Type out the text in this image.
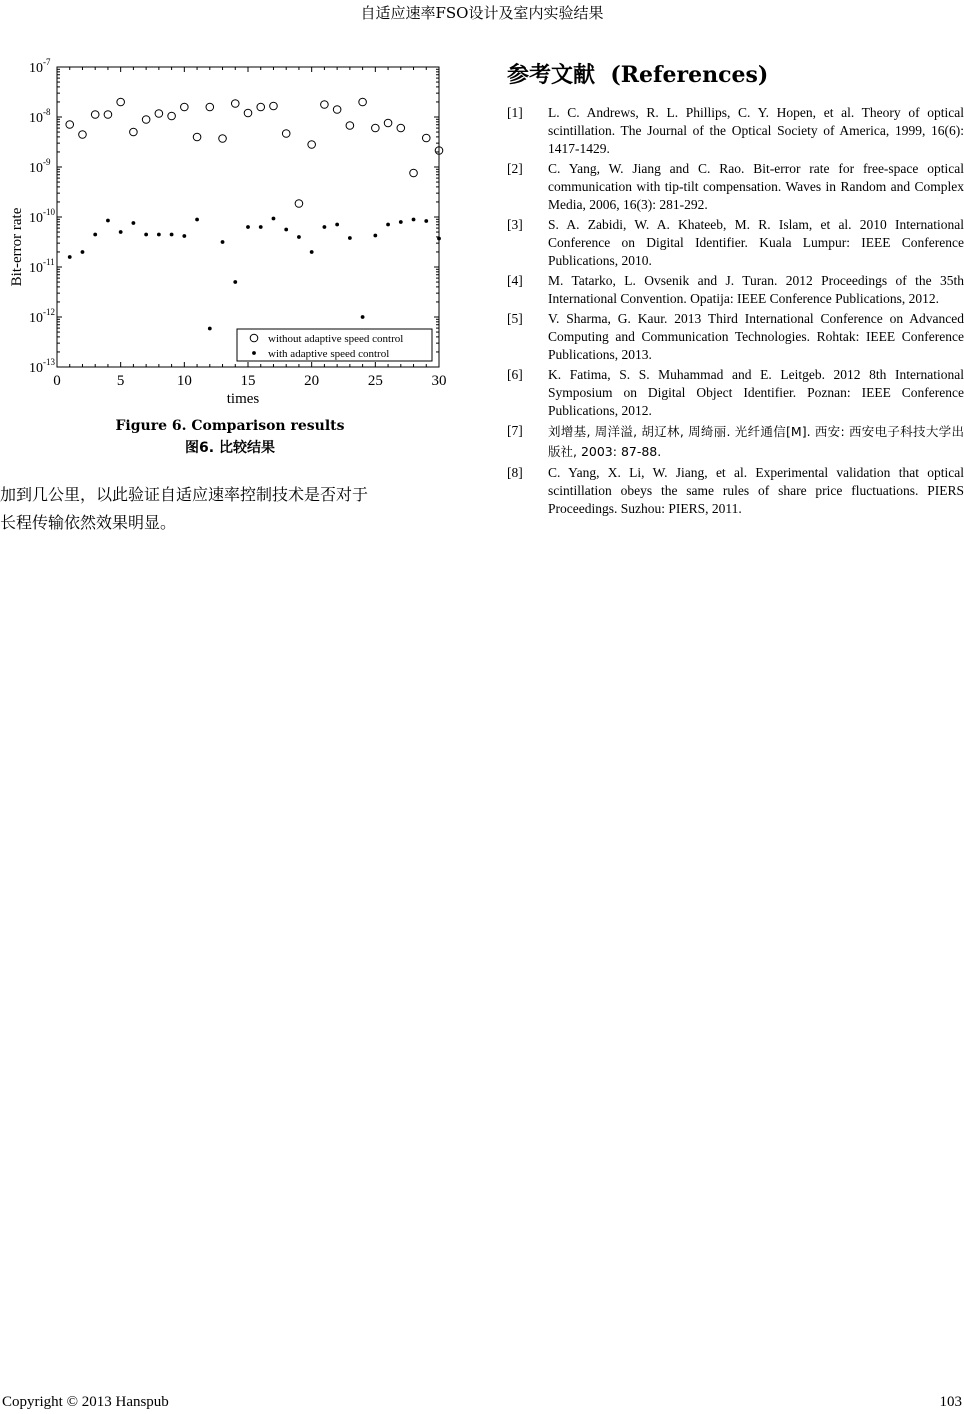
自适应速率FSO设计及室内实验结果
0	5	10	15	20	25	30
$10^{-7}$
$10^{-8}$
$10^{-9}$
$10^{-10}$
$10^{-11}$
$10^{-12}$
$10^{-13}$
times
Bit-error rate
without adaptive speed control
with adaptive speed control
Figure 6. Comparison results
图6. 比较结果
加到几公里，以此验证自适应速率控制技术是否对于
长程传输依然效果明显。
参考文献 (References)
[1]	L. C. Andrews, R. L. Phillips, C. Y. Hopen, et al. Theory of optical scintillation. The Journal of the Optical Society of America, 1999, 16(6): 1417-1429.
[2]	C. Yang, W. Jiang and C. Rao. Bit-error rate for free-space optical communication with tip-tilt compensation. Waves in Random and Complex Media, 2006, 16(3): 281-292.
[3]	S. A. Zabidi, W. A. Khateeb, M. R. Islam, et al. 2010 International Conference on Digital Identifier. Kuala Lumpur: IEEE Conference Publications, 2010.
[4]	M. Tatarko, L. Ovsenik and J. Turan. 2012 Proceedings of the 35th International Convention. Opatija: IEEE Conference Publications, 2012.
[5]	V. Sharma, G. Kaur. 2013 Third International Conference on Advanced Computing and Communication Technologies. Rohtak: IEEE Conference Publications, 2013.
[6]	K. Fatima, S. S. Muhammad and E. Leitgeb. 2012 8th International Symposium on Digital Object Identifier. Poznan: IEEE Conference Publications, 2012.
[7]	刘增基, 周洋溢, 胡辽林, 周绮丽. 光纤通信[M]. 西安: 西安电子科技大学出版社, 2003: 87-88.
[8]	C. Yang, X. Li, W. Jiang, et al. Experimental validation that optical scintillation obeys the same rules of share price fluctuations. PIERS Proceedings. Suzhou: PIERS, 2011.
Copyright © 2013 Hanspub	103
